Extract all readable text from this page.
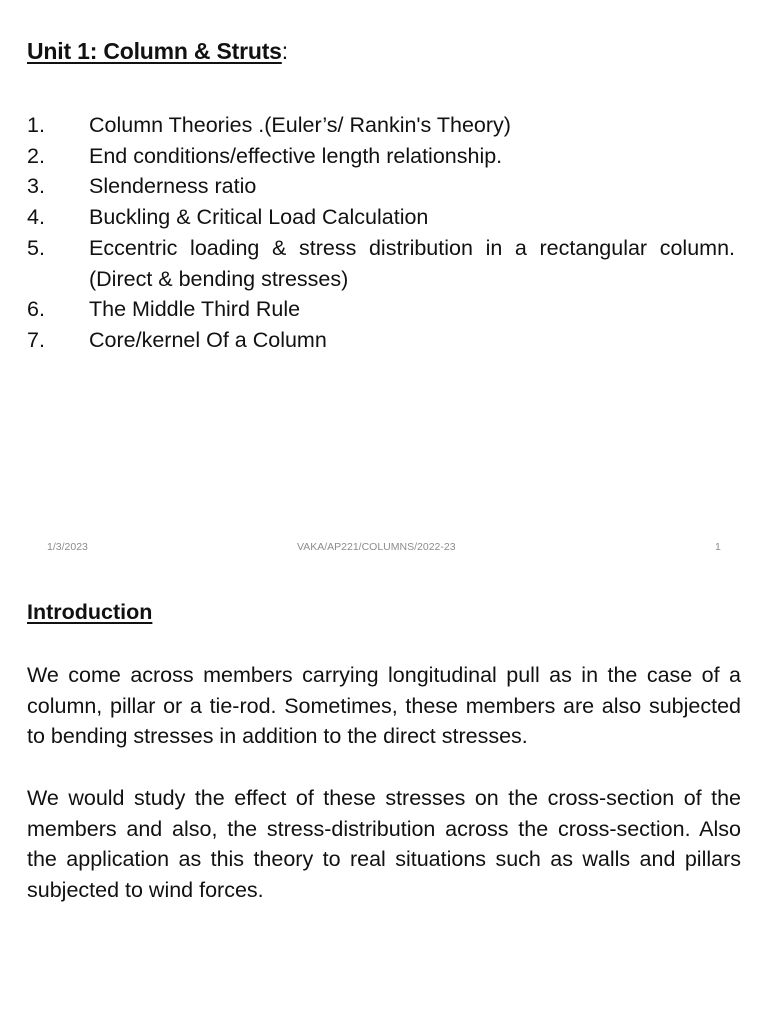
Unit 1: Column & Struts:
1.	Column Theories .(Euler’s/ Rankin's Theory)
2.	End conditions/effective length relationship.
3.	Slenderness ratio
4.	Buckling & Critical Load Calculation
5.	Eccentric loading & stress distribution in a rectangular column.(Direct & bending stresses)
6.	The Middle Third Rule
7.	Core/kernel Of a Column
1/3/2023	VAKA/AP221/COLUMNS/2022-23	1
Introduction

We come across members carrying longitudinal pull as in the case of a column, pillar or a tie-rod. Sometimes, these members are also subjected to bending stresses in addition to the direct stresses.

We would study the effect of these stresses on the cross-section of the members and also, the stress-distribution across the cross-section. Also the application as this theory to real situations such as walls and pillars subjected to wind forces.
